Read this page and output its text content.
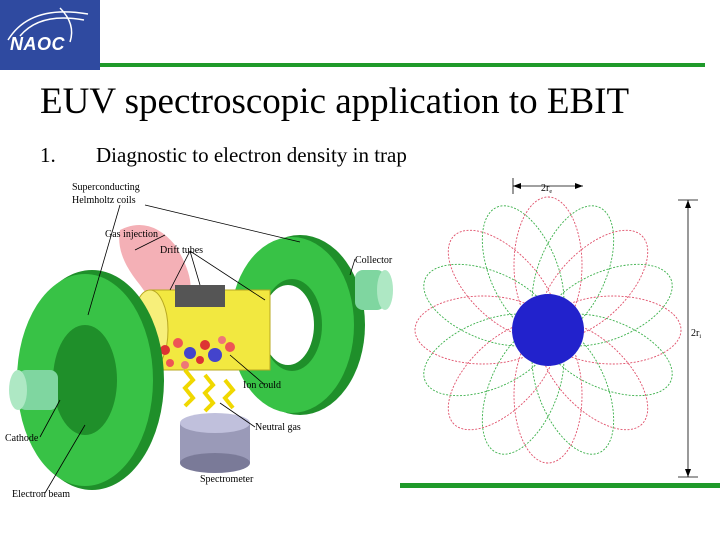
NAOC
EUV spectroscopic application to EBIT
1. Diagnostic to electron density in trap
Superconducting
Helmholtz coils
Gas injection
Drift tubes
Collector
Ion could
Neutral gas
Cathode
Electron beam
Spectrometer
$2r_e$
$2r_i$
